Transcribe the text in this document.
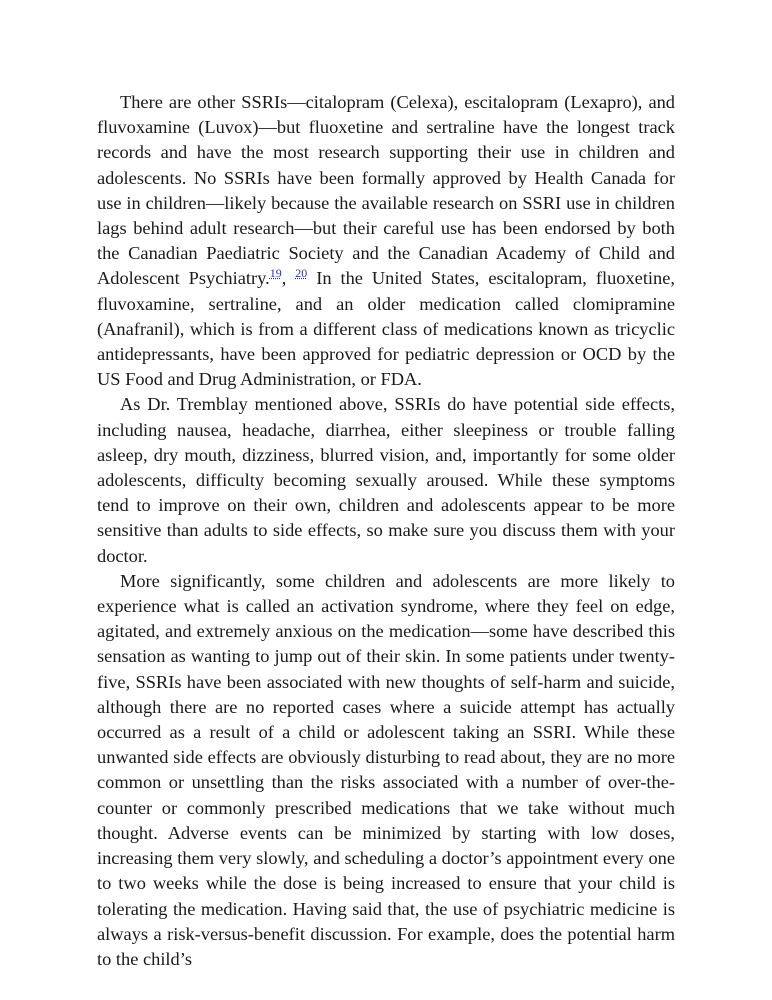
There are other SSRIs—citalopram (Celexa), escitalopram (Lexapro), and fluvoxamine (Luvox)—but fluoxetine and sertraline have the longest track records and have the most research supporting their use in children and adolescents. No SSRIs have been formally approved by Health Canada for use in children—likely because the available research on SSRI use in children lags behind adult research—but their careful use has been endorsed by both the Canadian Paediatric Society and the Canadian Academy of Child and Adolescent Psychiatry.$^{19}$, $^{20}$ In the United States, escitalopram, fluoxetine, fluvoxamine, sertraline, and an older medication called clomipramine (Anafranil), which is from a different class of medications known as tricyclic antidepressants, have been approved for pediatric depression or OCD by the US Food and Drug Administration, or FDA.

As Dr. Tremblay mentioned above, SSRIs do have potential side effects, including nausea, headache, diarrhea, either sleepiness or trouble falling asleep, dry mouth, dizziness, blurred vision, and, importantly for some older adolescents, difficulty becoming sexually aroused. While these symptoms tend to improve on their own, children and adolescents appear to be more sensitive than adults to side effects, so make sure you discuss them with your doctor.

More significantly, some children and adolescents are more likely to experience what is called an activation syndrome, where they feel on edge, agitated, and extremely anxious on the medication—some have described this sensation as wanting to jump out of their skin. In some patients under twenty-five, SSRIs have been associated with new thoughts of self-harm and suicide, although there are no reported cases where a suicide attempt has actually occurred as a result of a child or adolescent taking an SSRI. While these unwanted side effects are obviously disturbing to read about, they are no more common or unsettling than the risks associated with a number of over-the-counter or commonly prescribed medications that we take without much thought. Adverse events can be minimized by starting with low doses, increasing them very slowly, and scheduling a doctor’s appointment every one to two weeks while the dose is being increased to ensure that your child is tolerating the medication. Having said that, the use of psychiatric medicine is always a risk-versus-benefit discussion. For example, does the potential harm to the child’s
